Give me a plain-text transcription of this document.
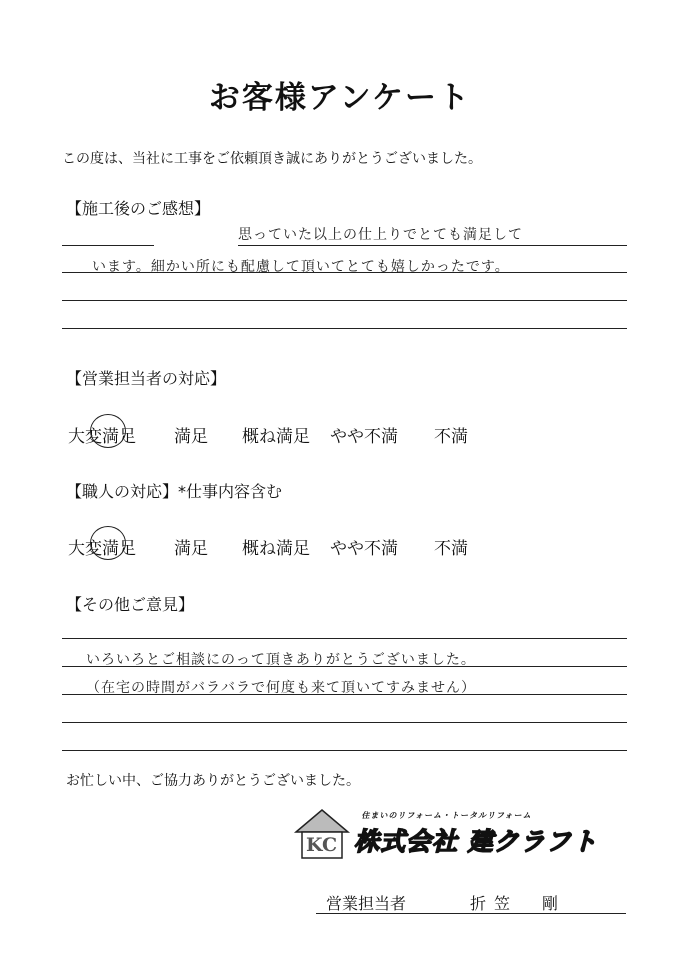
お客様アンケート
この度は、当社に工事をご依頼頂き誠にありがとうございました。
【施工後のご感想】
思っていた以上の仕上りでとても満足して
います。細かい所にも配慮して頂いてとても嬉しかったです。
【営業担当者の対応】
大変満足 満足 概ね満足 やや不満 不満
【職人の対応】*仕事内容含む
大変満足 満足 概ね満足 やや不満 不満
【その他ご意見】
いろいろとご相談にのって頂きありがとうございました。
（在宅の時間がバラバラで何度も来て頂いてすみません）
お忙しい中、ご協力ありがとうございました。
KC
住まいのリフォーム・トータルリフォーム
株式会社 建クラフト
営業担当者	折笠　剛
